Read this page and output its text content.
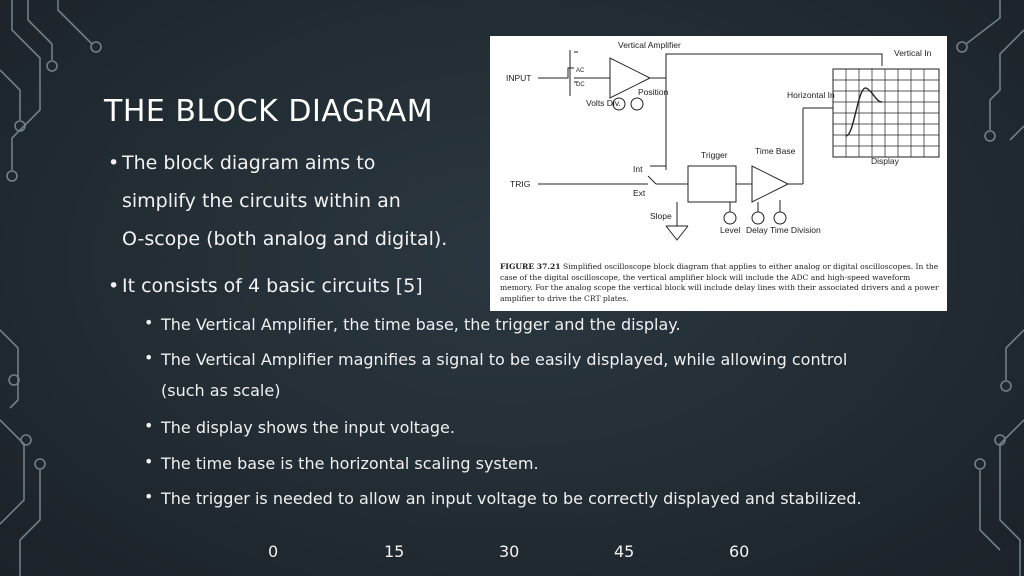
THE BLOCK DIAGRAM
• The block diagram aims to
simplify the circuits within an
O-scope (both analog and digital).
• It consists of 4 basic circuits [5]
• The Vertical Amplifier, the time base, the trigger and the display.
• The Vertical Amplifier magnifies a signal to be easily displayed, while allowing control
(such as scale)
• The display shows the input voltage.
• The time base is the horizontal scaling system.
• The trigger is needed to allow an input voltage to be correctly displayed and stabilized.
Vertical Amplifier
Vertical In
INPUT
AC
DC
Position
Volts Div.
Horizontal In
Trigger	Time Base
Display
TRIG
Int
Ext
Slope
Level Delay Time Division
FIGURE 37.21 Simplified oscilloscope block diagram that applies to either analog or digital oscilloscopes. In the case of the digital oscilloscope, the vertical amplifier block will include the ADC and high-speed waveform memory. For the analog scope the vertical block will include delay lines with their associated drivers and a power amplifier to drive the CRT plates.
0	15	30	45	60
